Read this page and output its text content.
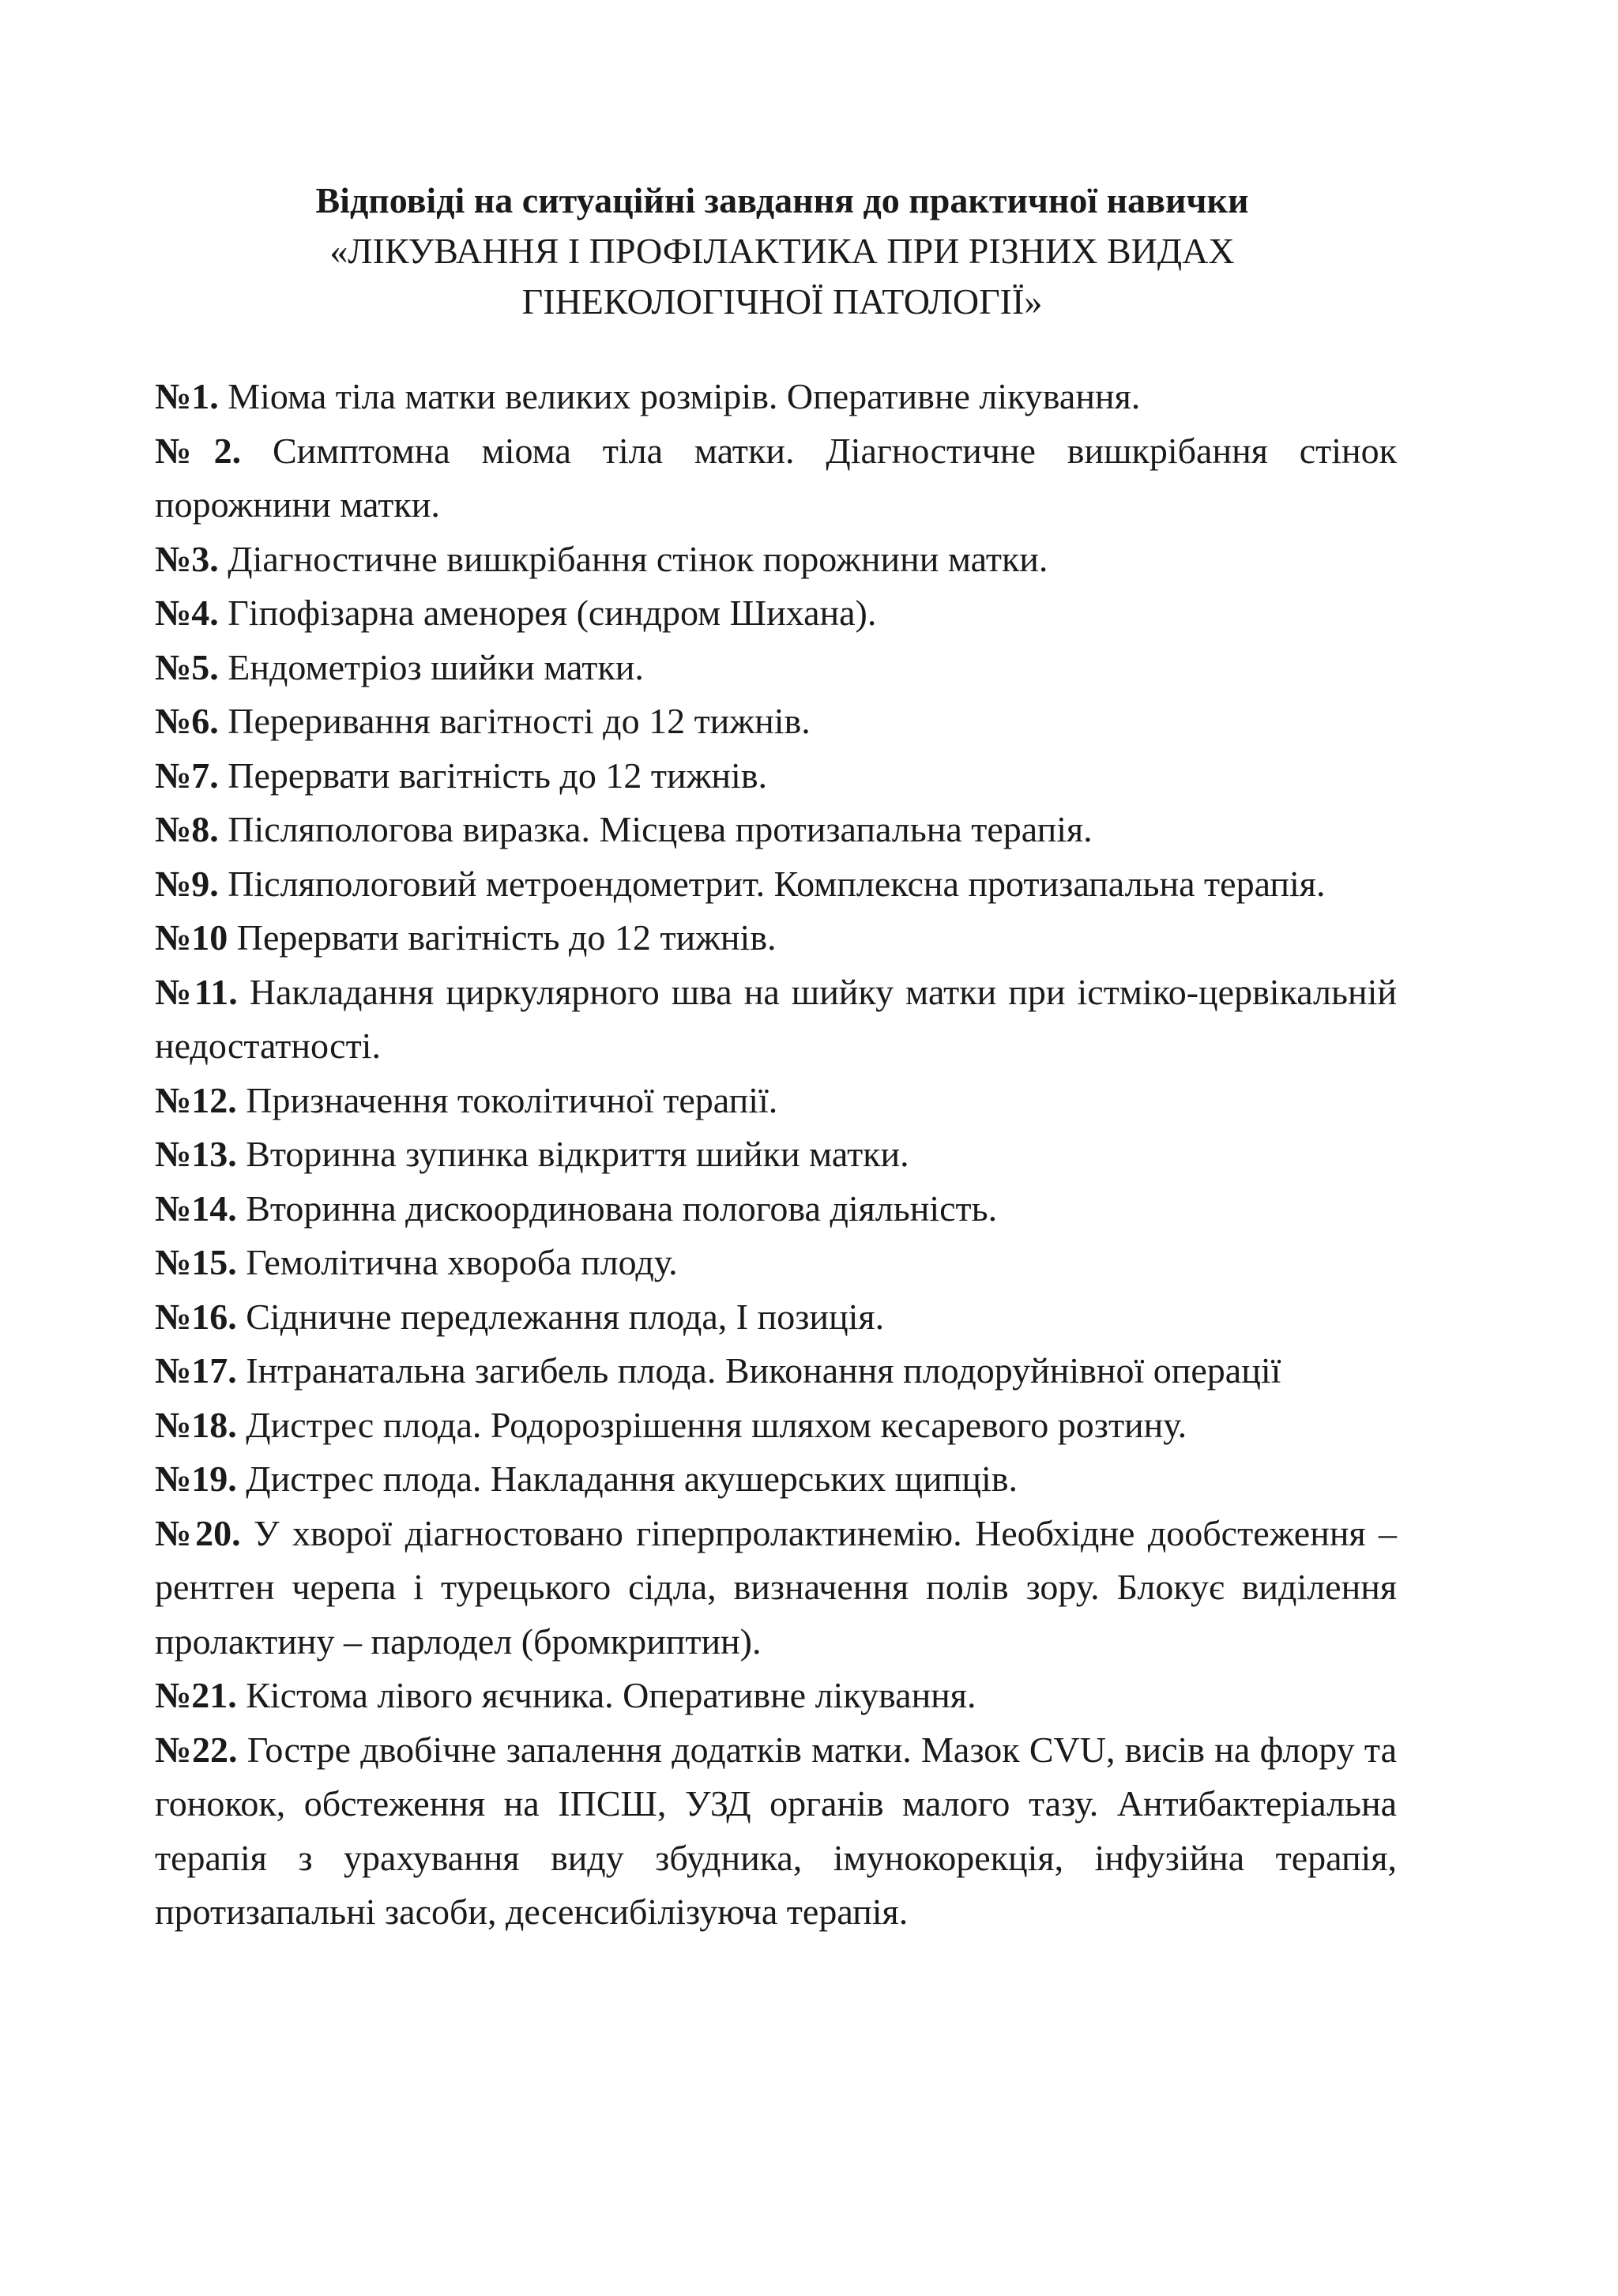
Відповіді на ситуаційні завдання до практичної навички
«ЛІКУВАННЯ І ПРОФІЛАКТИКА ПРИ РІЗНИХ ВИДАХ
ГІНЕКОЛОГІЧНОЇ ПАТОЛОГІЇ»
№1. Міома тіла матки великих розмірів. Оперативне лікування.
№2. Симптомна міома тіла матки. Діагностичне вишкрібання стінок порожнини матки.
№3. Діагностичне вишкрібання стінок порожнини матки.
№4. Гіпофізарна аменорея (синдром Шихана).
№5. Ендометріоз шийки матки.
№6. Переривання вагітності до 12 тижнів.
№7. Перервати вагітність до 12 тижнів.
№8. Післяпологова виразка. Місцева протизапальна терапія.
№9. Післяпологовий метроендометрит. Комплексна протизапальна терапія.
№10 Перервати вагітність до 12 тижнів.
№11. Накладання циркулярного шва на шийку матки при істміко-цервікальній недостатності.
№12. Призначення токолітичної терапії.
№13. Вторинна зупинка відкриття шийки матки.
№14. Вторинна дискоординована пологова діяльність.
№15. Гемолітична хвороба плоду.
№16. Сідничне передлежання плода, І позиція.
№17. Інтранатальна загибель плода. Виконання плодоруйнівної операції
№18. Дистрес плода. Родорозрішення шляхом кесаревого розтину.
№19. Дистрес плода. Накладання акушерських щипців.
№20. У хворої діагностовано гіперпролактинемію. Необхідне дообстеження – рентген черепа і турецького сідла, визначення полів зору. Блокує виділення пролактину – парлодел (бромкриптин).
№21. Кістома лівого яєчника. Оперативне лікування.
№22. Гостре двобічне запалення додатків матки. Мазок CVU, висів на флору та гонокок, обстеження на ІПСШ, УЗД органів малого тазу. Антибактеріальна терапія з урахування виду збудника, імунокорекція, інфузійна терапія, протизапальні засоби, десенсибілізуюча терапія.
